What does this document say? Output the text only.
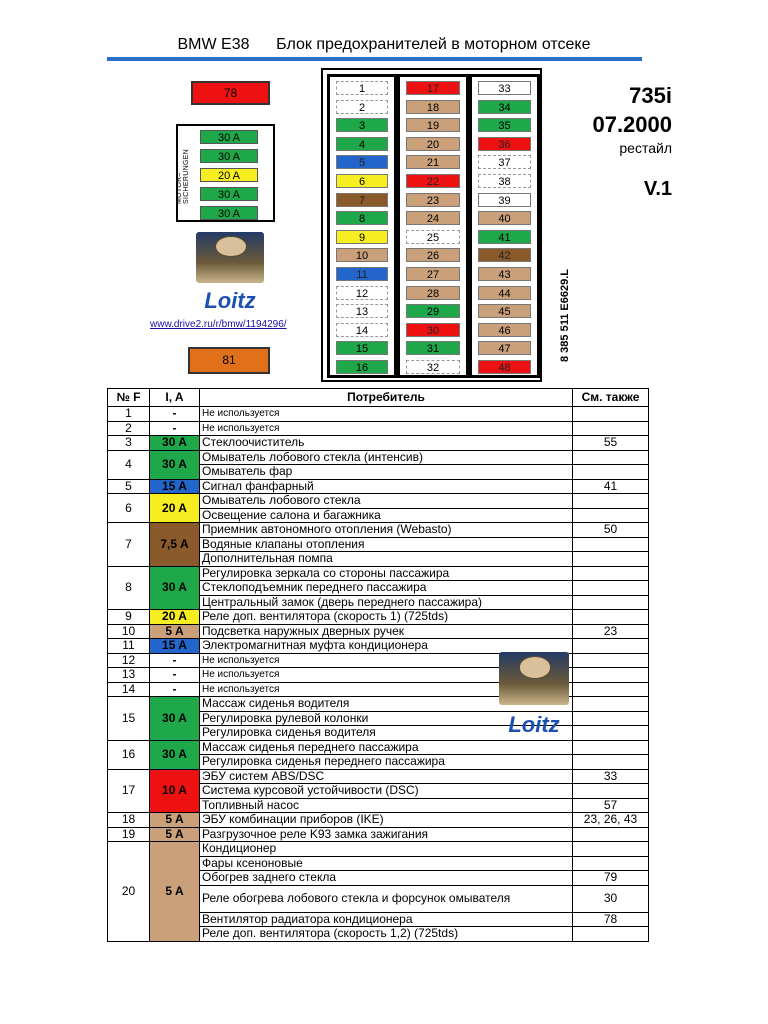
BMW E38      Блок предохранителей в моторном отсеке
78
MOTOR–SICHERUNGEN
30 A
30 A
20 A
30 A
30 A
Loitz
www.drive2.ru/r/bmw/1194296/
81
1
2
3
4
5
6
7
8
9
10
11
12
13
14
15
16
17
18
19
20
21
22
23
24
25
26
27
28
29
30
31
32
33
34
35
36
37
38
39
40
41
42
43
44
45
46
47
48
735i
07.2000
рестайл
V.1
8 385 511 E6629.L
№ F	I, A	Потребитель	См. также
1	-	Не используется	
2	-	Не используется	
3	30 A	Стеклоочиститель	55
4	30 A	Омыватель лобового стекла (интенсив)	
		Омыватель фар	
5	15 A	Сигнал фанфарный	41
6	20 A	Омыватель лобового стекла	
		Освещение салона и багажника	
7	7,5 A	Приемник автономного отопления (Webasto)	50
		Водяные клапаны отопления	
		Дополнительная помпа	
8	30 A	Регулировка зеркала со стороны пассажира	
		Стеклоподъемник переднего пассажира	
		Центральный замок (дверь переднего пассажира)	
9	20 A	Реле доп. вентилятора (скорость 1) (725tds)	
10	5 A	Подсветка наружных дверных ручек	23
11	15 A	Электромагнитная муфта кондиционера	
12	-	Не используется	
13	-	Не используется	
14	-	Не используется	
15	30 A	Массаж сиденья водителя	
		Регулировка рулевой колонки	
		Регулировка сиденья водителя	
16	30 A	Массаж сиденья переднего пассажира	
		Регулировка сиденья переднего пассажира	
17	10 A	ЭБУ систем ABS/DSC	33
		Система курсовой устойчивости (DSC)	
		Топливный насос	57
18	5 A	ЭБУ комбинации приборов (IKE)	23, 26, 43
19	5 A	Разгрузочное реле K93 замка зажигания	
20	5 A	Кондиционер	
		Фары ксеноновые	
		Обогрев заднего стекла	79
		Реле обогрева лобового стекла и форсунок омывателя	30
		Вентилятор радиатора кондиционера	78
		Реле доп. вентилятора (скорость 1,2) (725tds)	
Loitz
